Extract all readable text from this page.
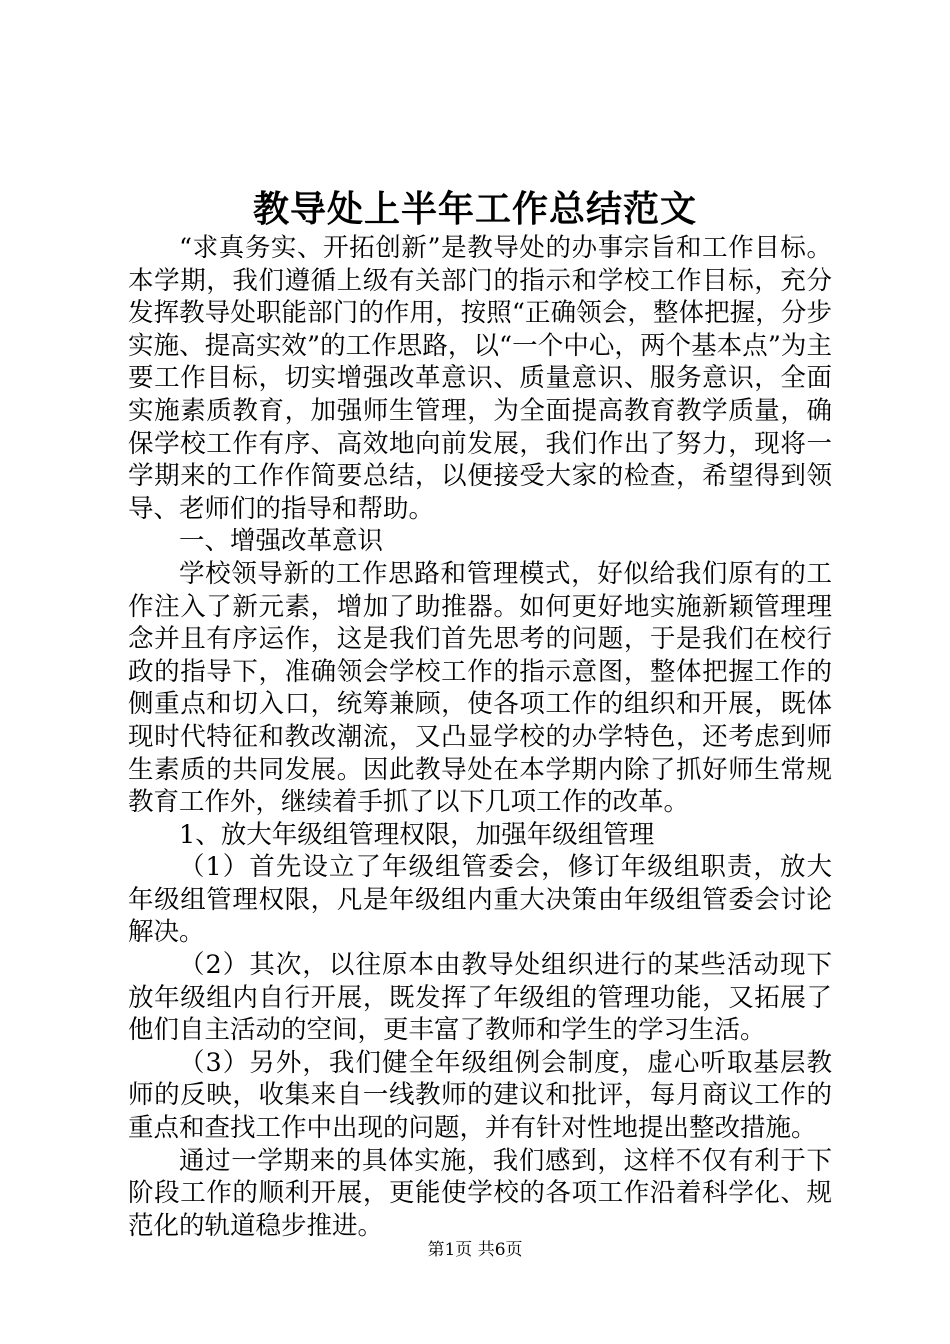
教导处上半年工作总结范文

“求真务实、开拓创新”是教导处的办事宗旨和工作目标。本学期，我们遵循上级有关部门的指示和学校工作目标，充分发挥教导处职能部门的作用，按照“正确领会，整体把握，分步实施、提高实效”的工作思路，以“一个中心，两个基本点”为主要工作目标，切实增强改革意识、质量意识、服务意识，全面实施素质教育，加强师生管理，为全面提高教育教学质量，确保学校工作有序、高效地向前发展，我们作出了努力，现将一学期来的工作作简要总结，以便接受大家的检查，希望得到领导、老师们的指导和帮助。

一、增强改革意识

学校领导新的工作思路和管理模式，好似给我们原有的工作注入了新元素，增加了助推器。如何更好地实施新颖管理理念并且有序运作，这是我们首先思考的问题，于是我们在校行政的指导下，准确领会学校工作的指示意图，整体把握工作的侧重点和切入口，统筹兼顾，使各项工作的组织和开展，既体现时代特征和教改潮流，又凸显学校的办学特色，还考虑到师生素质的共同发展。因此教导处在本学期内除了抓好师生常规教育工作外，继续着手抓了以下几项工作的改革。

1、放大年级组管理权限，加强年级组管理

（1）首先设立了年级组管委会，修订年级组职责，放大年级组管理权限，凡是年级组内重大决策由年级组管委会讨论解决。

（2）其次，以往原本由教导处组织进行的某些活动现下放年级组内自行开展，既发挥了年级组的管理功能，又拓展了他们自主活动的空间，更丰富了教师和学生的学习生活。

（3）另外，我们健全年级组例会制度，虚心听取基层教师的反映，收集来自一线教师的建议和批评，每月商议工作的重点和查找工作中出现的问题，并有针对性地提出整改措施。

通过一学期来的具体实施，我们感到，这样不仅有利于下阶段工作的顺利开展，更能使学校的各项工作沿着科学化、规范化的轨道稳步推进。

第1页 共6页
